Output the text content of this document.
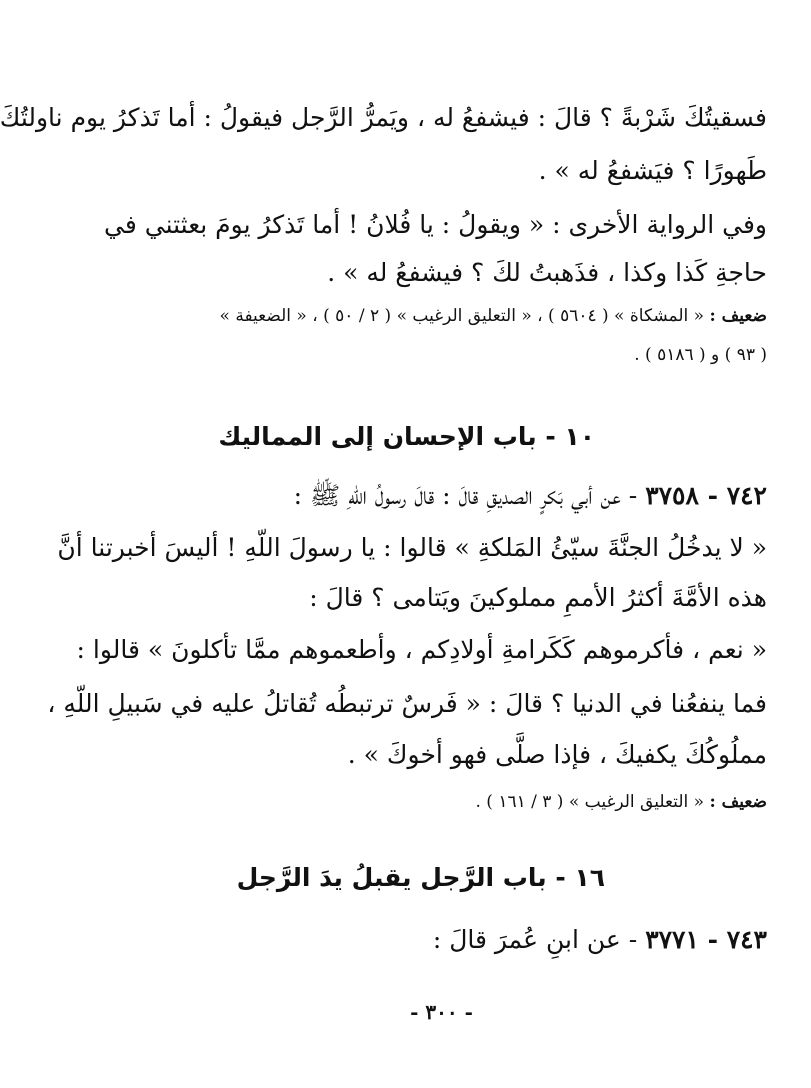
فسقيتُكَ شَرْبةً ؟ قالَ : فيشفعُ له ، ويَمرُّ الرَّجل فيقولُ : أما تَذكرُ يوم ناولتُكَ
طَهورًا ؟ فيَشفعُ له » .
وفي الرواية الأخرى : « ويقولُ : يا فُلانُ ! أما تَذكرُ يومَ بعثتني في
حاجةِ كَذا وكذا ، فذَهبتُ لكَ ؟ فيشفعُ له » .
ضعيف : « المشكاة » ( ٥٦٠٤ ) ، « التعليق الرغيب » ( ٢ / ٥٠ ) ، « الضعيفة »
( ٩٣ ) و ( ٥١٨٦ ) .
١٠ - باب الإحسان إلى المماليك
٧٤٢ - ٣٧٥٨ - عن أبي بَكرٍ الصديقِ قالَ : قالَ رسولُ اللّهِ ﷺ :
« لا يدخُلُ الجنَّةَ سيّئُ المَلكةِ » قالوا : يا رسولَ اللّهِ ! أليسَ أخبرتنا أنَّ
هذه الأمَّةَ أكثرُ الأممِ مملوكينَ ويَتامى ؟ قالَ :
« نعم ، فأكرموهم كَكَرامةِ أولادِكم ، وأطعموهم ممَّا تأكلونَ » قالوا :
فما ينفعُنا في الدنيا ؟ قالَ : « فَرسٌ ترتبطُه تُقاتلُ عليه في سَبيلِ اللّهِ ،
مملُوكُكَ يكفيكَ ، فإذا صلَّى فهو أخوكَ » .
ضعيف : « التعليق الرغيب » ( ٣ / ١٦١ ) .
١٦ - باب الرَّجل يقبلُ يدَ الرَّجل
٧٤٣ - ٣٧٧١ - عن ابنِ عُمرَ قالَ :
- ٣٠٠ -
